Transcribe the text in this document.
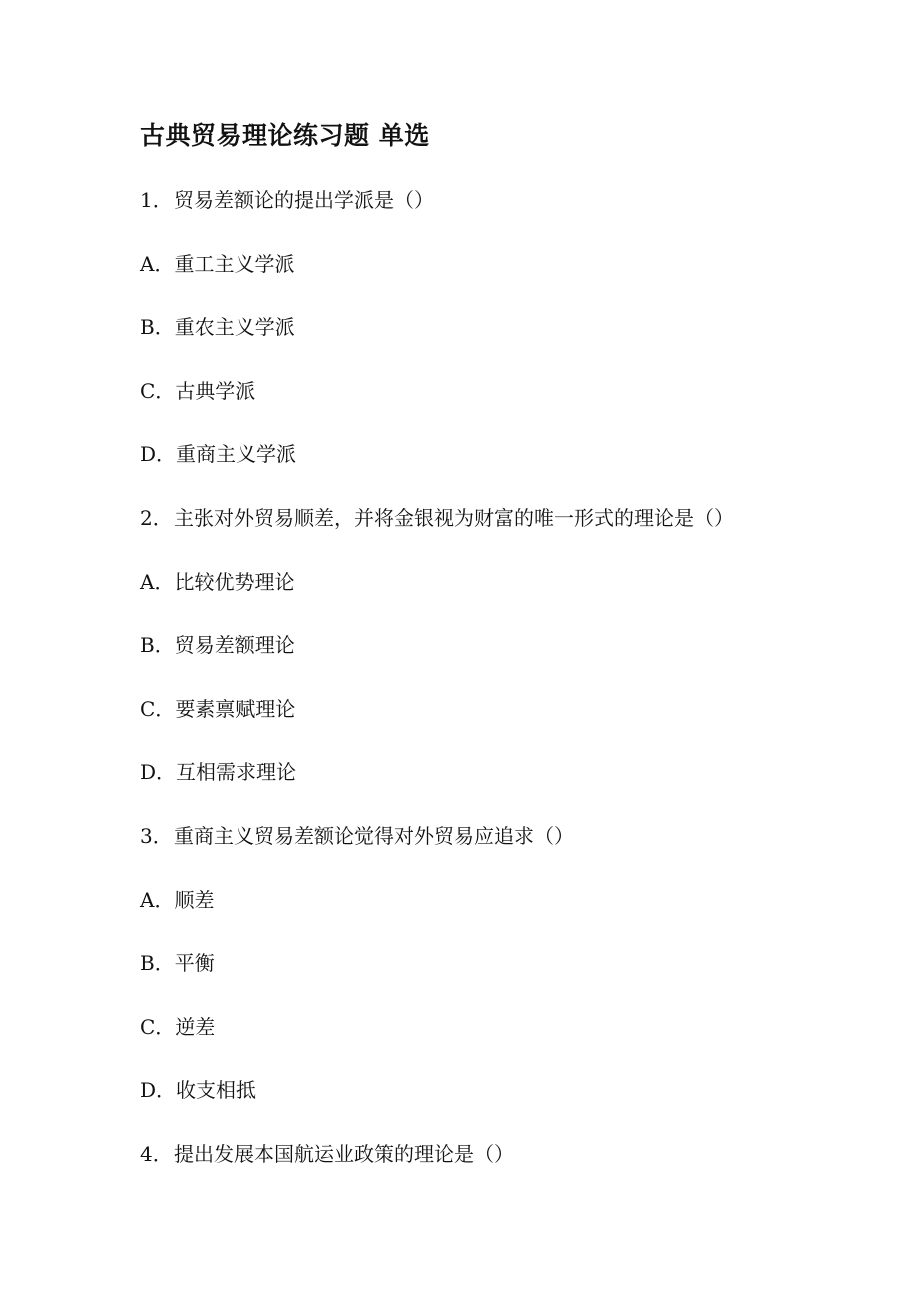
古典贸易理论练习题 单选

1．贸易差额论的提出学派是（）

A．重工主义学派

B．重农主义学派

C．古典学派

D．重商主义学派

2．主张对外贸易顺差，并将金银视为财富的唯一形式的理论是（）

A．比较优势理论

B．贸易差额理论

C．要素禀赋理论

D．互相需求理论

3．重商主义贸易差额论觉得对外贸易应追求（）

A．顺差

B．平衡

C．逆差

D．收支相抵

4．提出发展本国航运业政策的理论是（）
